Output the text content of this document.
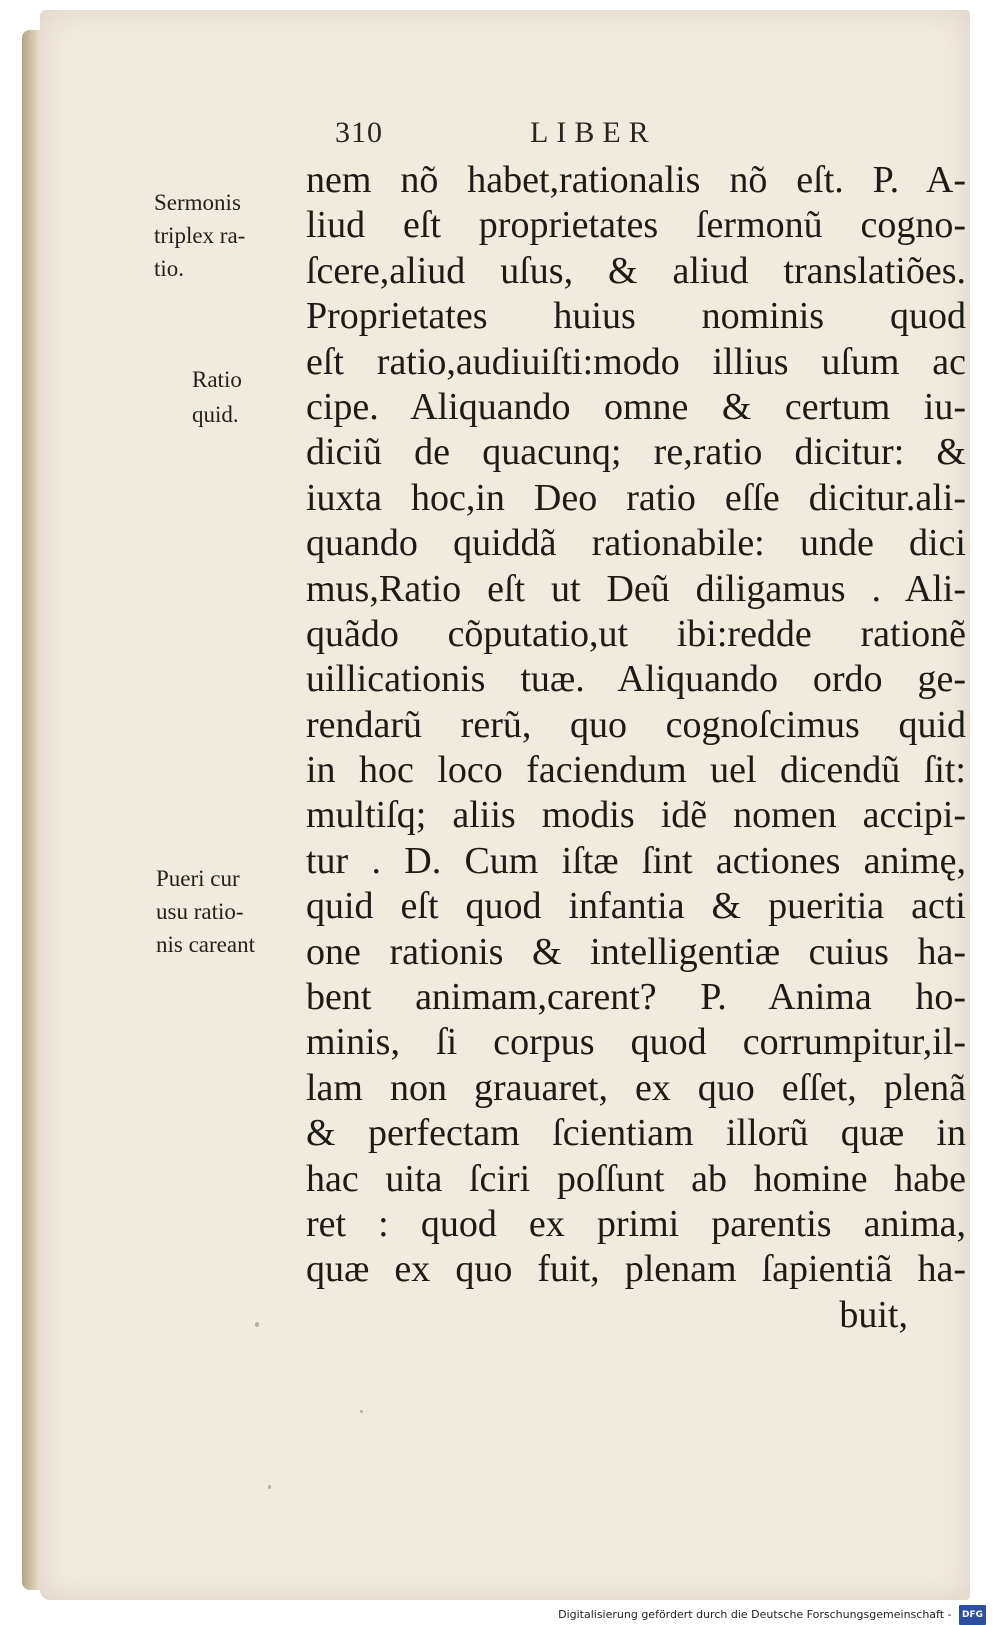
310	LIBER
Sermonis
triplex ra-
tio.
Ratio
quid.
Pueri cur
usu ratio-
nis careant
nem nõ habet,rationalis nõ eſt. P. A-
liud eſt proprietates ſermonũ cogno-
ſcere,aliud uſus, & aliud translatiões.
Proprietates huius nominis quod
eſt ratio,audiuiſti:modo illius uſum ac
cipe. Aliquando omne & certum iu-
diciũ de quacunq; re,ratio dicitur: &
iuxta hoc,in Deo ratio eſſe dicitur.ali-
quando quiddã rationabile: unde dici
mus,Ratio eſt ut Deũ diligamus . Ali-
quãdo cõputatio,ut ibi:redde rationẽ
uillicationis tuæ. Aliquando ordo ge-
rendarũ rerũ, quo cognoſcimus quid
in hoc loco faciendum uel dicendũ ſit:
multiſq; aliis modis idẽ nomen accipi-
tur . D. Cum iſtæ ſint actiones animę,
quid eſt quod infantia & pueritia acti
one rationis & intelligentiæ cuius ha-
bent animam,carent? P. Anima ho-
minis, ſi corpus quod corrumpitur,il-
lam non grauaret, ex quo eſſet, plenã
& perfectam ſcientiam illorũ quæ in
hac uita ſciri poſſunt ab homine habe
ret : quod ex primi parentis anima,
quæ ex quo fuit, plenam ſapientiã ha-
buit,
Digitalisierung gefördert durch die Deutsche Forschungsgemeinschaft - DFG
